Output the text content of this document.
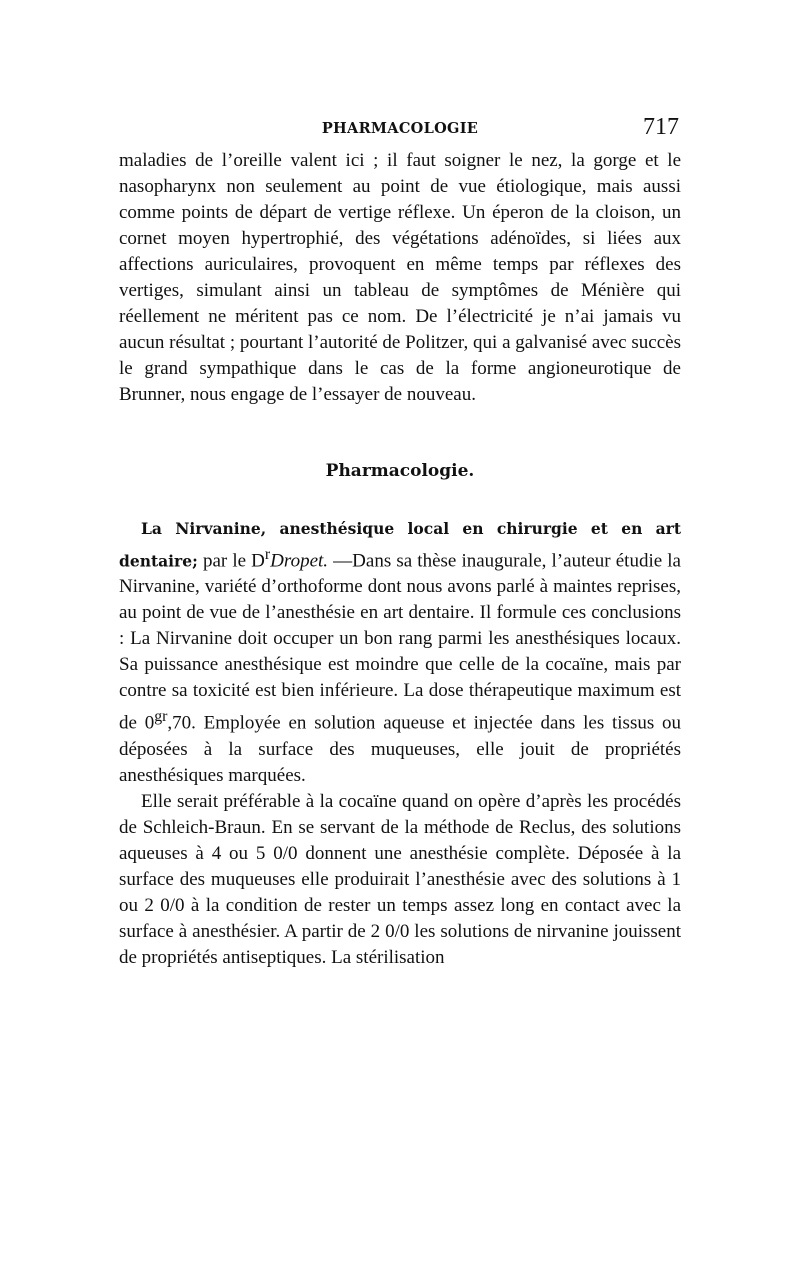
PHARMACOLOGIE	717

maladies de l’oreille valent ici ; il faut soigner le nez, la gorge et le nasopharynx non seulement au point de vue étiologique, mais aussi comme points de départ de vertige réflexe. Un éperon de la cloison, un cornet moyen hypertrophié, des végétations adénoïdes, si liées aux affections auriculaires, provoquent en même temps par réflexes des vertiges, simulant ainsi un tableau de symptômes de Ménière qui réellement ne méritent pas ce nom. De l’électricité je n’ai jamais vu aucun résultat ; pourtant l’autorité de Politzer, qui a galvanisé avec succès le grand sympathique dans le cas de la forme angioneurotique de Brunner, nous engage de l’essayer de nouveau.

Pharmacologie.

La Nirvanine, anesthésique local en chirurgie et en art dentaire; par le $D^rDropet$. —Dans sa thèse inaugurale, l’auteur étudie la Nirvanine, variété d’orthoforme dont nous avons parlé à maintes reprises, au point de vue de l’anesthésie en art dentaire. Il formule ces conclusions : La Nirvanine doit occuper un bon rang parmi les anesthésiques locaux. Sa puissance anesthésique est moindre que celle de la cocaïne, mais par contre sa toxicité est bien inférieure. La dose thérapeutique maximum est de $0^{gr},70$. Employée en solution aqueuse et injectée dans les tissus ou déposées à la surface des muqueuses, elle jouit de propriétés anesthésiques marquées.

Elle serait préférable à la cocaïne quand on opère d’après les procédés de Schleich-Braun. En se servant de la méthode de Reclus, des solutions aqueuses à 4 ou 5 0/0 donnent une anesthésie complète. Déposée à la surface des muqueuses elle produirait l’anesthésie avec des solutions à 1 ou 2 0/0 à la condition de rester un temps assez long en contact avec la surface à anesthésier. A partir de 2 0/0 les solutions de nirvanine jouissent de propriétés antiseptiques. La stérilisation
